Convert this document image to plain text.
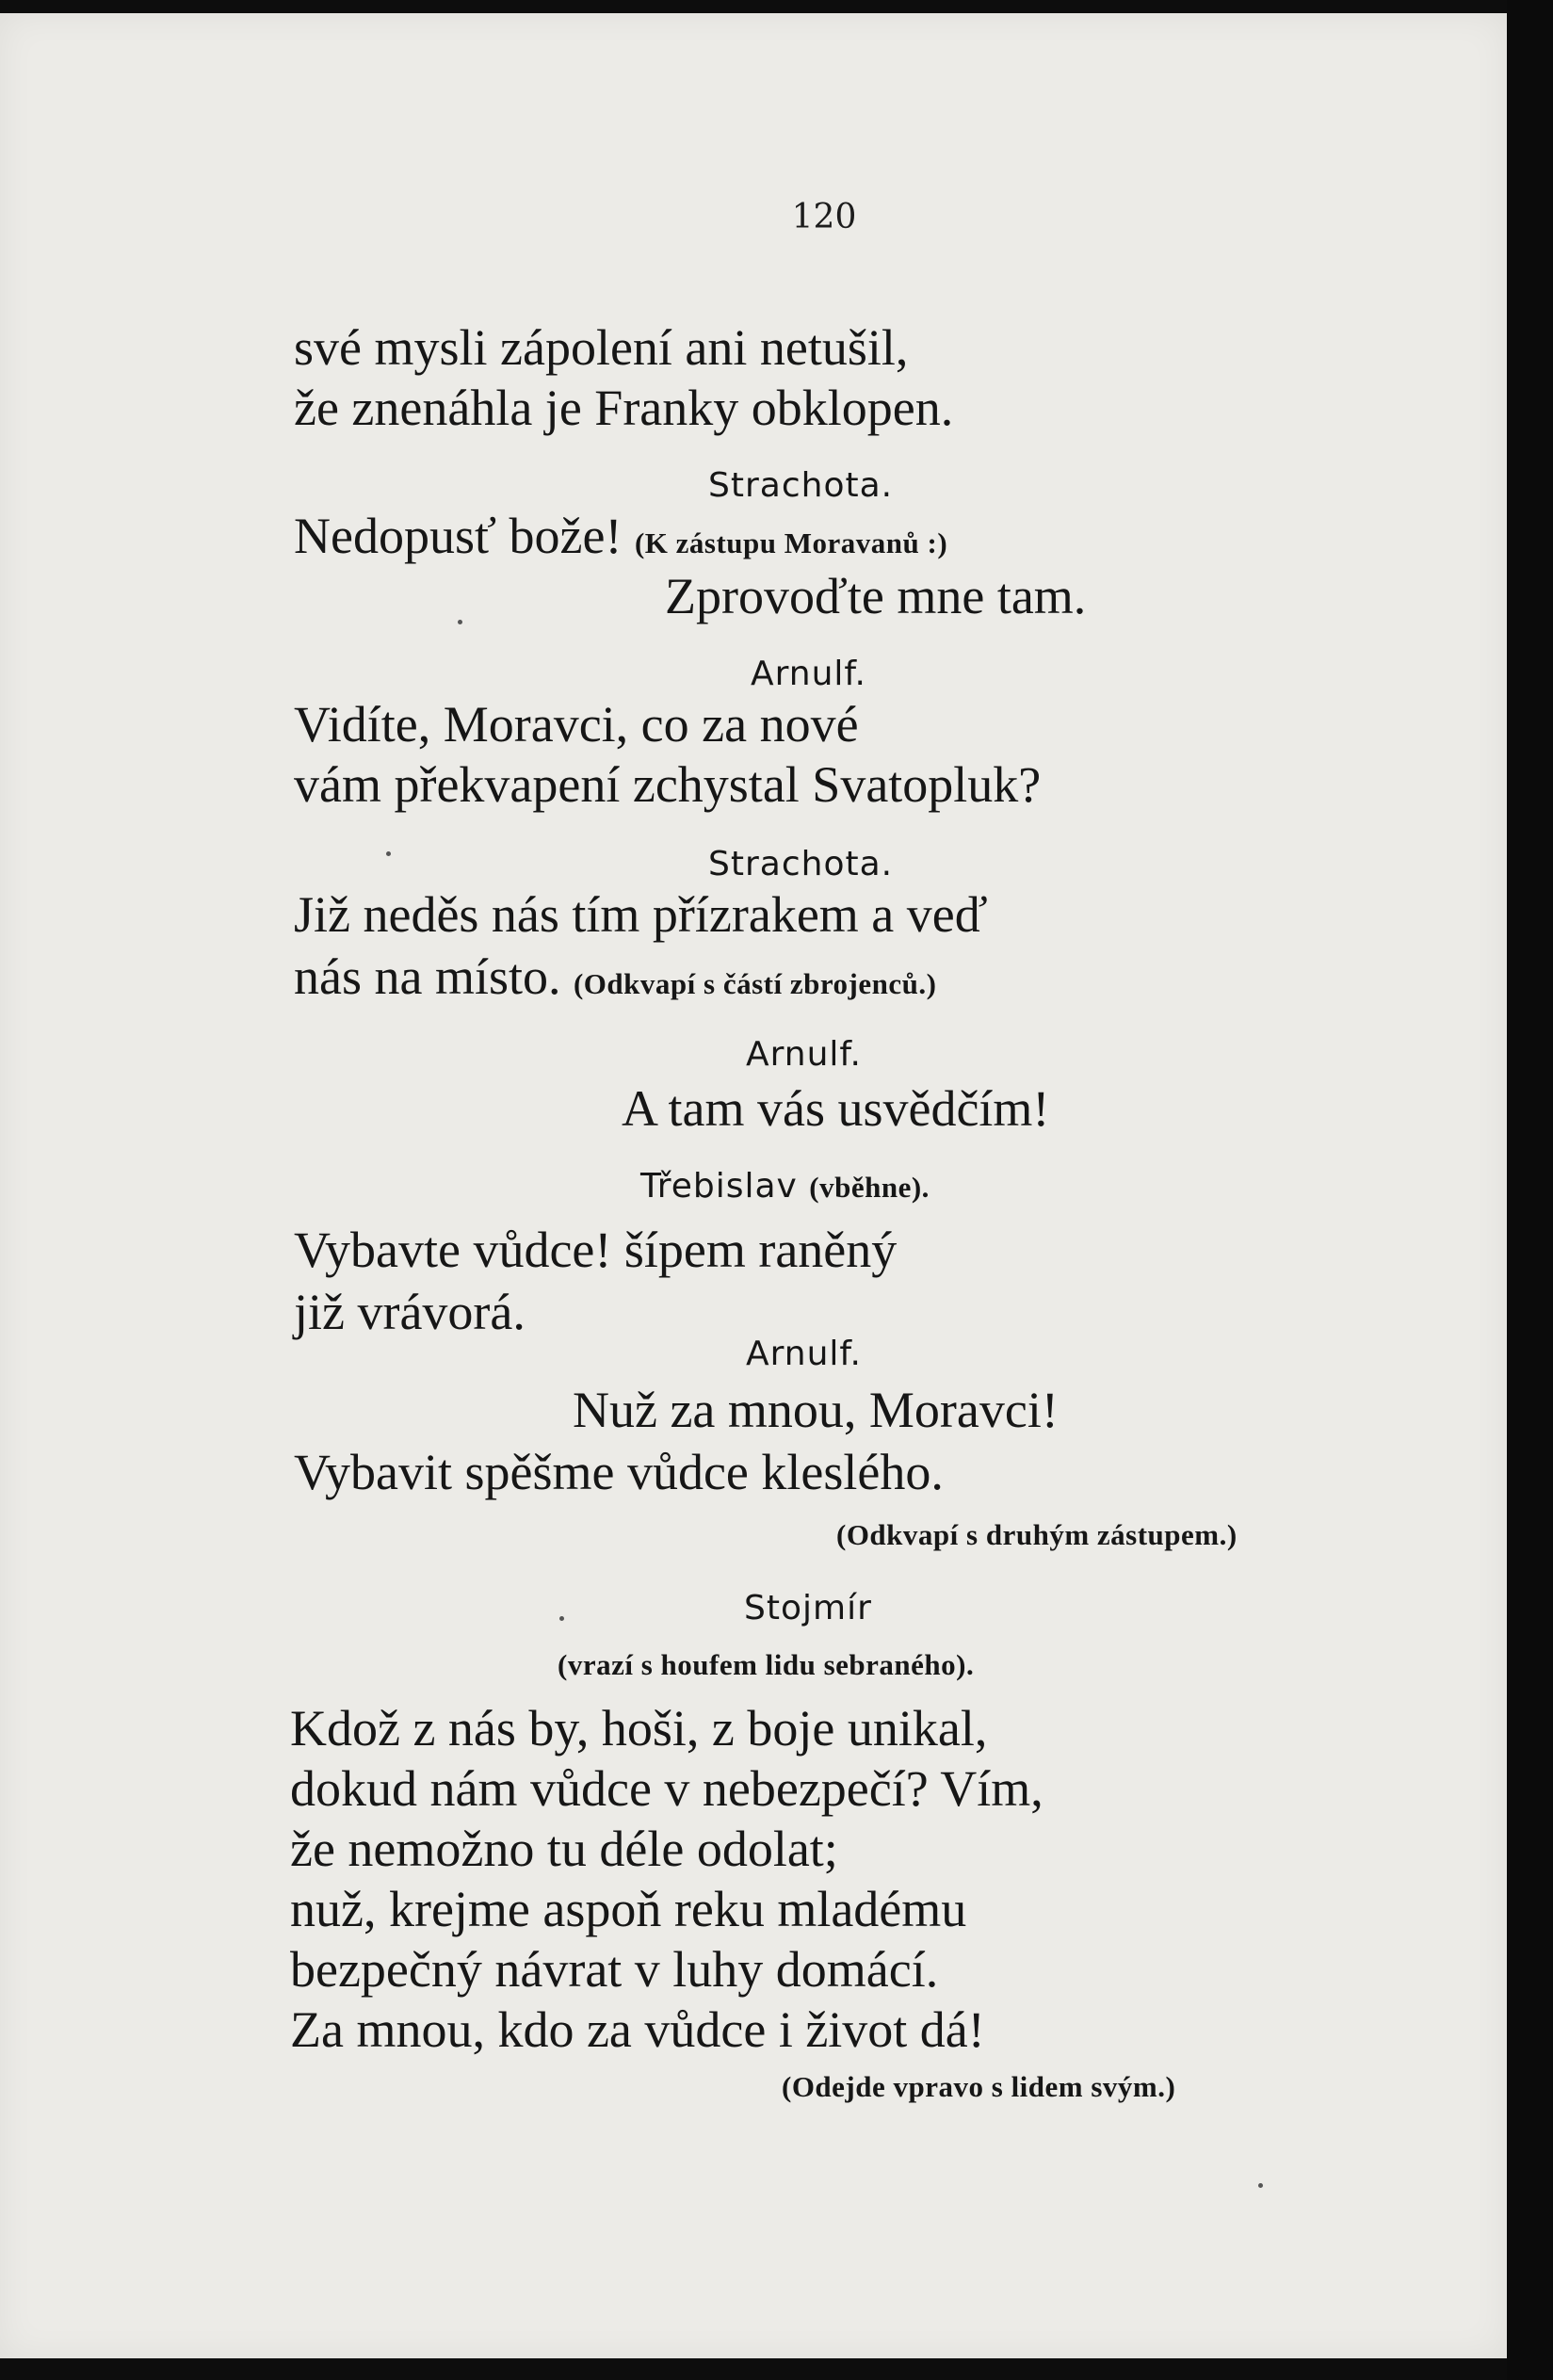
120
své mysli zápolení ani netušil,
že znenáhla je Franky obklopen.
Strachota.
Nedopusť bože! (K zástupu Moravanů :)
Zprovoďte mne tam.
Arnulf.
Vidíte, Moravci, co za nové
vám překvapení zchystal Svatopluk?
Strachota.
Již neděs nás tím přízrakem a veď
nás na místo. (Odkvapí s částí zbrojenců.)
Arnulf.
A tam vás usvědčím!
Třebislav (vběhne).
Vybavte vůdce! šípem raněný
již vrávorá.
Arnulf.
Nuž za mnou, Moravci!
Vybavit spěšme vůdce kleslého.
(Odkvapí s druhým zástupem.)
Stojmír
(vrazí s houfem lidu sebraného).
Kdož z nás by, hoši, z boje unikal,
dokud nám vůdce v nebezpečí? Vím,
že nemožno tu déle odolat;
nuž, krejme aspoň reku mladému
bezpečný návrat v luhy domácí.
Za mnou, kdo za vůdce i život dá!
(Odejde vpravo s lidem svým.)
